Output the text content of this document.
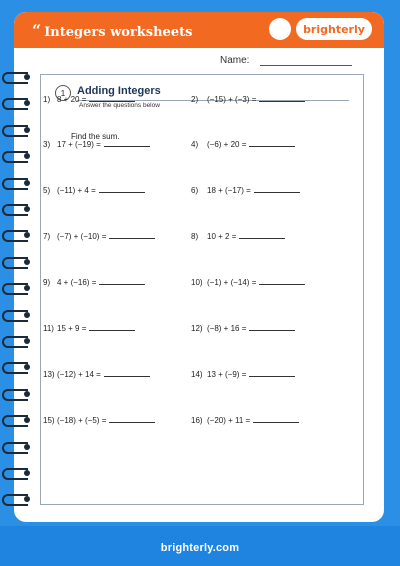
brighterly.com
“ Integers worksheets	brighterly
Name:
1	Adding Integers
Answer the questions below
Find the sum.
1) 8 + 20 =	2) (−15) + (−3) =
3) 17 + (−19) =	4) (−6) + 20 =
5) (−11) + 4 =	6) 18 + (−17) =
7) (−7) + (−10) =	8) 10 + 2 =
9) 4 + (−16) =	10) (−1) + (−14) =
11) 15 + 9 =	12) (−8) + 16 =
13) (−12) + 14 =	14) 13 + (−9) =
15) (−18) + (−5) =	16) (−20) + 11 =
